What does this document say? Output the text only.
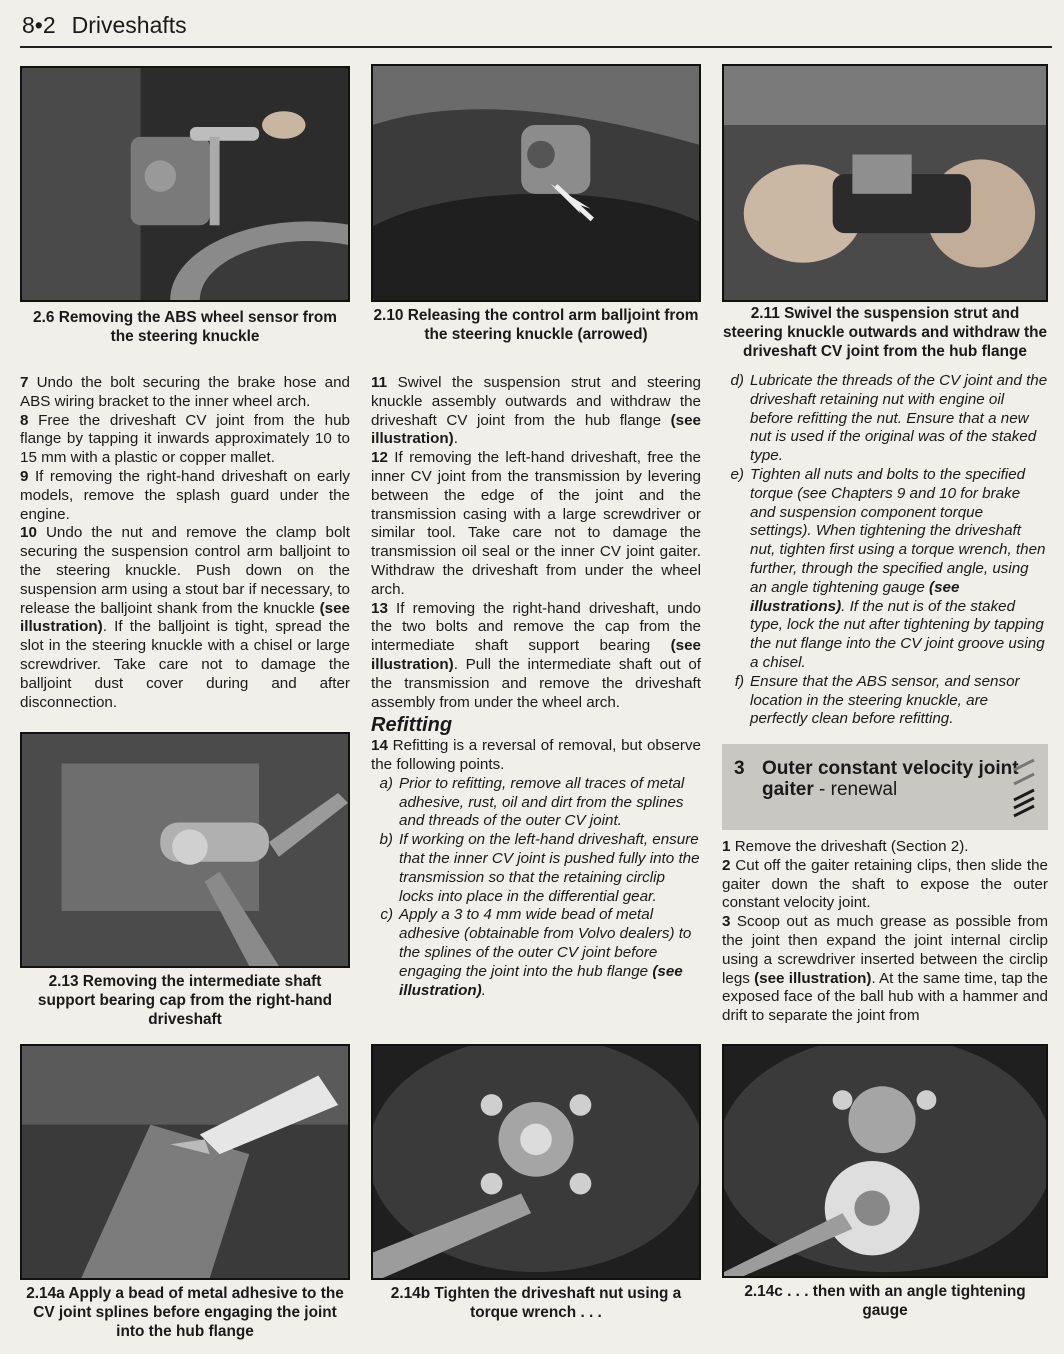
8•2 Driveshafts
2.6 Removing the ABS wheel sensor from the steering knuckle
2.10 Releasing the control arm balljoint from the steering knuckle (arrowed)
2.11 Swivel the suspension strut and steering knuckle outwards and withdraw the driveshaft CV joint from the hub flange

7 Undo the bolt securing the brake hose and ABS wiring bracket to the inner wheel arch.

8 Free the driveshaft CV joint from the hub flange by tapping it inwards approximately 10 to 15 mm with a plastic or copper mallet.

9 If removing the right-hand driveshaft on early models, remove the splash guard under the engine.

10 Undo the nut and remove the clamp bolt securing the suspension control arm balljoint to the steering knuckle. Push down on the suspension arm using a stout bar if necessary, to release the balljoint shank from the knuckle (see illustration). If the balljoint is tight, spread the slot in the steering knuckle with a chisel or large screwdriver. Take care not to damage the balljoint dust cover during and after disconnection.

2.13 Removing the intermediate shaft support bearing cap from the right-hand driveshaft

11 Swivel the suspension strut and steering knuckle assembly outwards and withdraw the driveshaft CV joint from the hub flange (see illustration).

12 If removing the left-hand driveshaft, free the inner CV joint from the transmission by levering between the edge of the joint and the transmission casing with a large screwdriver or similar tool. Take care not to damage the transmission oil seal or the inner CV joint gaiter. Withdraw the driveshaft from under the wheel arch.

13 If removing the right-hand driveshaft, undo the two bolts and remove the cap from the intermediate shaft support bearing (see illustration). Pull the intermediate shaft out of the transmission and remove the driveshaft assembly from under the wheel arch.

Refitting

14 Refitting is a reversal of removal, but observe the following points.

a) Prior to refitting, remove all traces of metal adhesive, rust, oil and dirt from the splines and threads of the outer CV joint.
b) If working on the left-hand driveshaft, ensure that the inner CV joint is pushed fully into the transmission so that the retaining circlip locks into place in the differential gear.
c) Apply a 3 to 4 mm wide bead of metal adhesive (obtainable from Volvo dealers) to the splines of the outer CV joint before engaging the joint into the hub flange (see illustration).
d) Lubricate the threads of the CV joint and the driveshaft retaining nut with engine oil before refitting the nut. Ensure that a new nut is used if the original was of the staked type.
e) Tighten all nuts and bolts to the specified torque (see Chapters 9 and 10 for brake and suspension component torque settings). When tightening the driveshaft nut, tighten first using a torque wrench, then further, through the specified angle, using an angle tightening gauge (see illustrations). If the nut is of the staked type, lock the nut after tightening by tapping the nut flange into the CV joint groove using a chisel.
f) Ensure that the ABS sensor, and sensor location in the steering knuckle, are perfectly clean before refitting.
3 Outer constant velocity joint gaiter - renewal

1 Remove the driveshaft (Section 2).

2 Cut off the gaiter retaining clips, then slide the gaiter down the shaft to expose the outer constant velocity joint.

3 Scoop out as much grease as possible from the joint then expand the joint internal circlip using a screwdriver inserted between the circlip legs (see illustration). At the same time, tap the exposed face of the ball hub with a hammer and drift to separate the joint from

2.14a Apply a bead of metal adhesive to the CV joint splines before engaging the joint into the hub flange
2.14b Tighten the driveshaft nut using a torque wrench . . .
2.14c . . . then with an angle tightening gauge
